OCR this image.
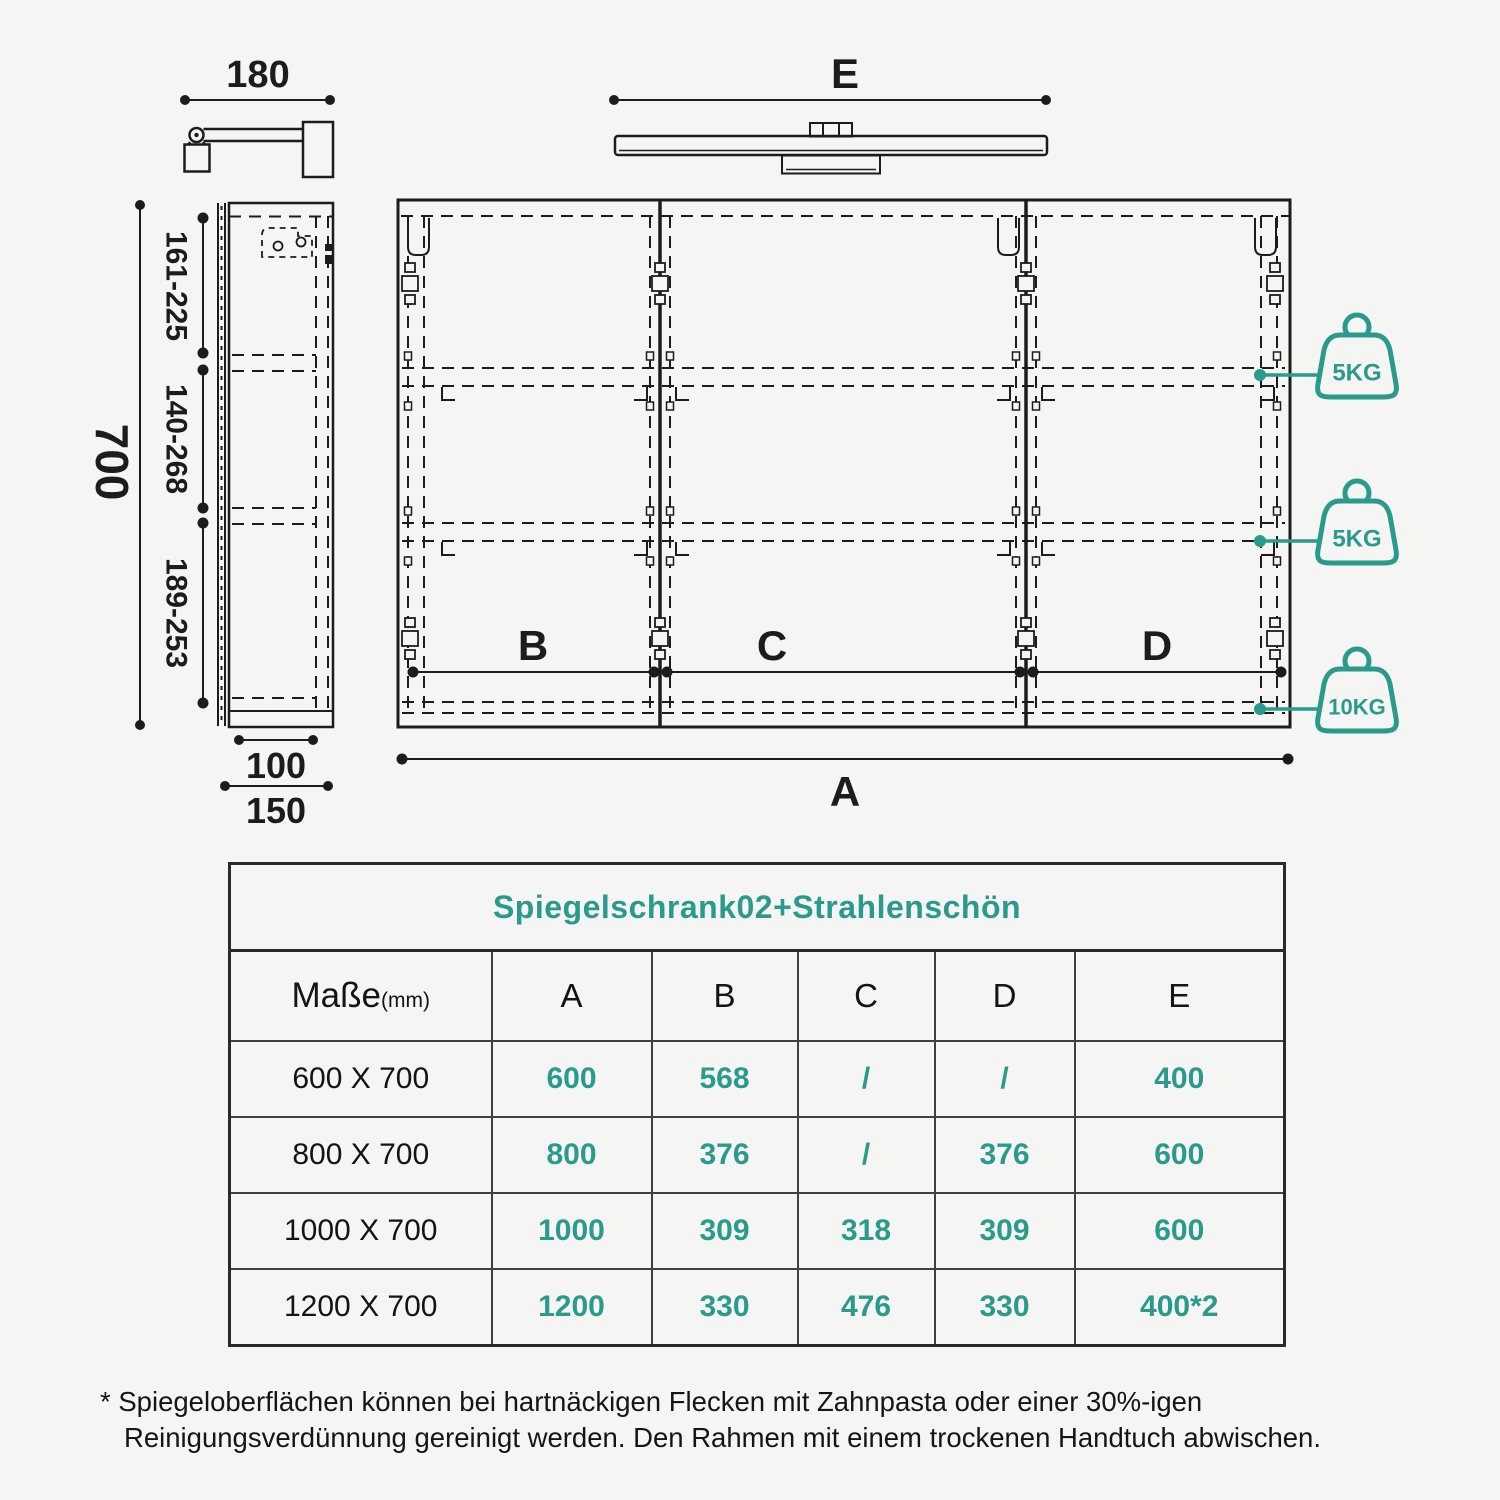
180	E
700
161-225
140-268
189-253
100
150
B	C	D
A
5KG
5KG
10KG
Spiegelschrank02+Strahlenschön					
Maße(mm)	A	B	C	D	E
600 X 700	600	568	/	/	400
800 X 700	800	376	/	376	600
1000 X 700	1000	309	318	309	600
1200 X 700	1200	330	476	330	400*2
* Spiegeloberflächen können bei hartnäckigen Flecken mit Zahnpasta oder einer 30%-igen
Reinigungsverdünnung gereinigt werden. Den Rahmen mit einem trockenen Handtuch abwischen.
